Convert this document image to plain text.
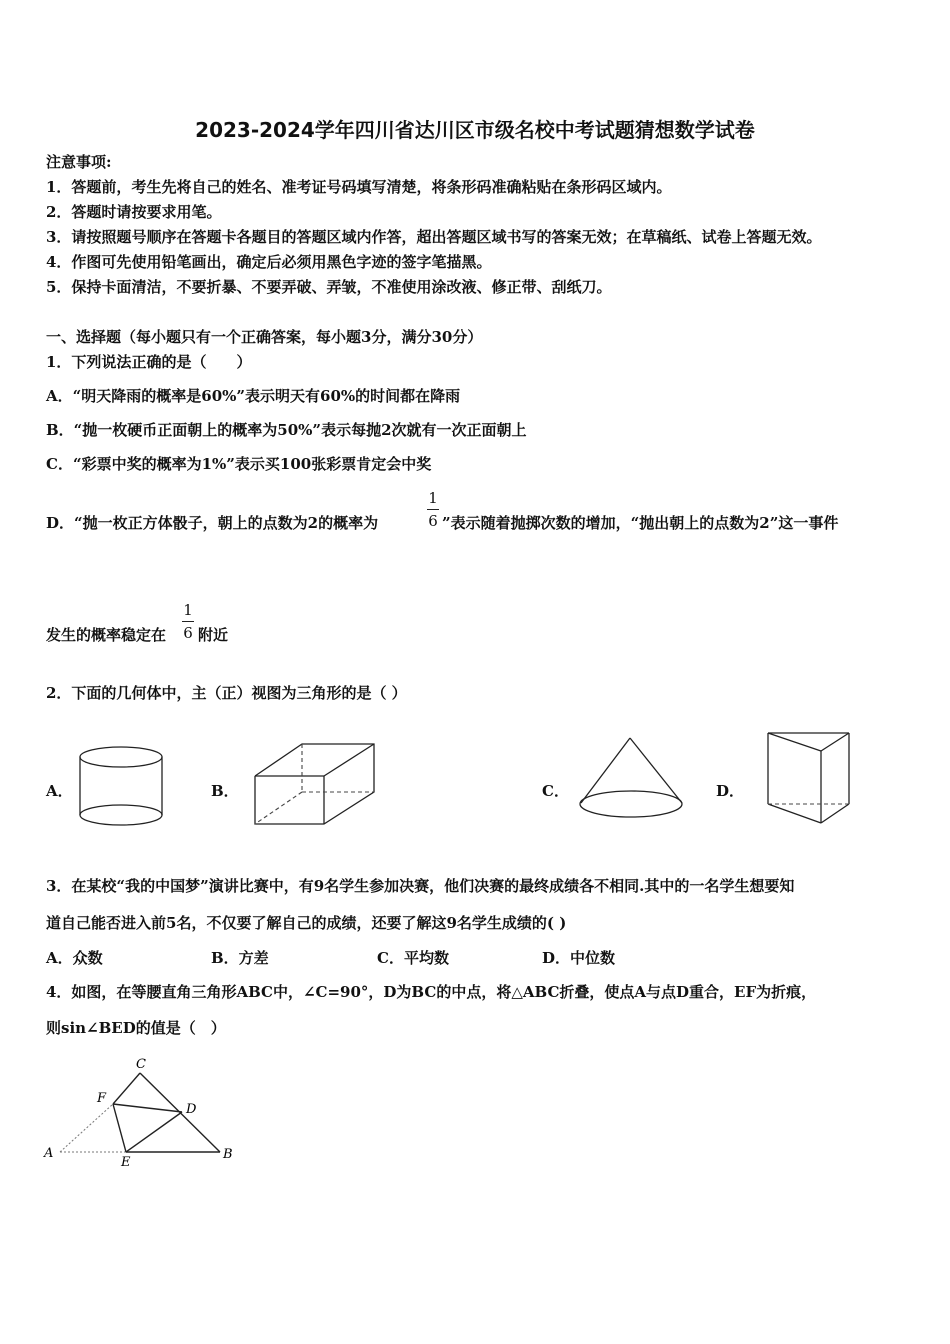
2023-2024学年四川省达川区市级名校中考试题猜想数学试卷
注意事项:
1．答题前，考生先将自己的姓名、准考证号码填写清楚，将条形码准确粘贴在条形码区域内。
2．答题时请按要求用笔。
3．请按照题号顺序在答题卡各题目的答题区域内作答，超出答题区域书写的答案无效；在草稿纸、试卷上答题无效。
4．作图可先使用铅笔画出，确定后必须用黑色字迹的签字笔描黑。
5．保持卡面清洁，不要折暴、不要弄破、弄皱，不准使用涂改液、修正带、刮纸刀。
一、选择题（每小题只有一个正确答案，每小题3分，满分30分）
1．下列说法正确的是（　　）
A．“明天降雨的概率是60%”表示明天有60%的时间都在降雨
B．“抛一枚硬币正面朝上的概率为50%”表示每抛2次就有一次正面朝上
C．“彩票中奖的概率为1%”表示买100张彩票肯定会中奖
D．“抛一枚正方体骰子，朝上的点数为2的概率为
1
6 ”表示随着抛掷次数的增加，“抛出朝上的点数为2”这一事件
发生的概率稳定在
1
6 附近
2．下面的几何体中，主（正）视图为三角形的是（ ）
A．	B．	C．	D．
3．在某校“我的中国梦”演讲比赛中，有9名学生参加决赛，他们决赛的最终成绩各不相同.其中的一名学生想要知
道自己能否进入前5名，不仅要了解自己的成绩，还要了解这9名学生成绩的( )
A．众数	B．方差	C．平均数	D．中位数
4．如图，在等腰直角三角形ABC中，∠C=90°，D为BC的中点，将△ABC折叠，使点A与点D重合，EF为折痕，
则sin∠BED的值是（　）
C
F
D
A
E
B
